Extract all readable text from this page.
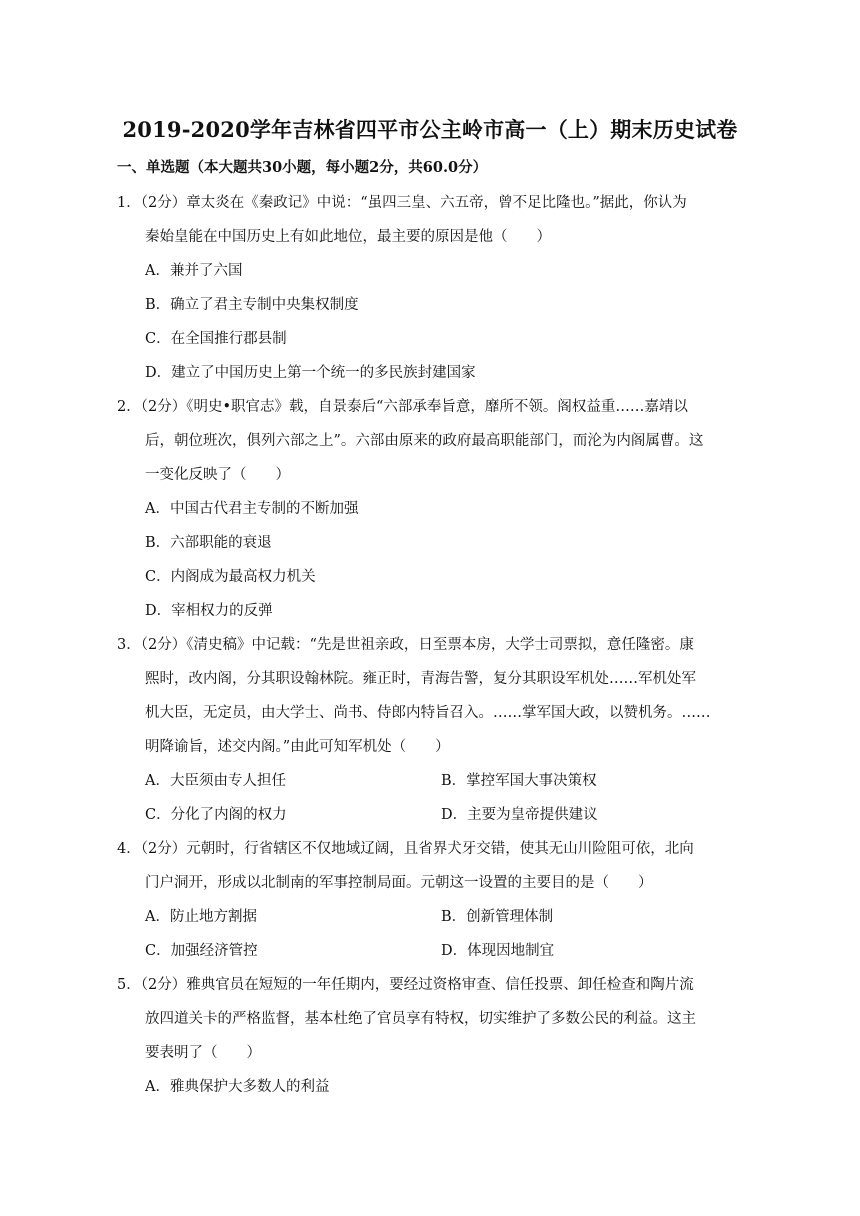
2019-2020学年吉林省四平市公主岭市高一（上）期末历史试卷
一、单选题（本大题共30小题，每小题2分，共60.0分）
1．（2分）章太炎在《秦政记》中说：“虽四三皇、六五帝，曾不足比隆也。”据此，你认为
秦始皇能在中国历史上有如此地位，最主要的原因是他（　　）
A．兼并了六国
B．确立了君主专制中央集权制度
C．在全国推行郡县制
D．建立了中国历史上第一个统一的多民族封建国家
2．（2分）《明史•职官志》载，自景泰后“六部承奉旨意，靡所不领。阁权益重……嘉靖以
后，朝位班次，俱列六部之上”。六部由原来的政府最高职能部门，而沦为内阁属曹。这
一变化反映了（　　）
A．中国古代君主专制的不断加强
B．六部职能的衰退
C．内阁成为最高权力机关
D．宰相权力的反弹
3．（2分）《清史稿》中记载：“先是世祖亲政，日至票本房，大学士司票拟，意任隆密。康
熙时，改内阁，分其职设翰林院。雍正时，青海告警，复分其职设军机处……军机处军
机大臣，无定员，由大学士、尚书、侍郎内特旨召入。……掌军国大政，以赞机务。……
明降谕旨，述交内阁。”由此可知军机处（　　）
A．大臣须由专人担任	B．掌控军国大事决策权
C．分化了内阁的权力	D．主要为皇帝提供建议
4．（2分）元朝时，行省辖区不仅地域辽阔，且省界犬牙交错，使其无山川险阻可依，北向
门户洞开，形成以北制南的军事控制局面。元朝这一设置的主要目的是（　　）
A．防止地方割据	B．创新管理体制
C．加强经济管控	D．体现因地制宜
5．（2分）雅典官员在短短的一年任期内，要经过资格审查、信任投票、卸任检查和陶片流
放四道关卡的严格监督，基本杜绝了官员享有特权，切实维护了多数公民的利益。这主
要表明了（　　）
A．雅典保护大多数人的利益
